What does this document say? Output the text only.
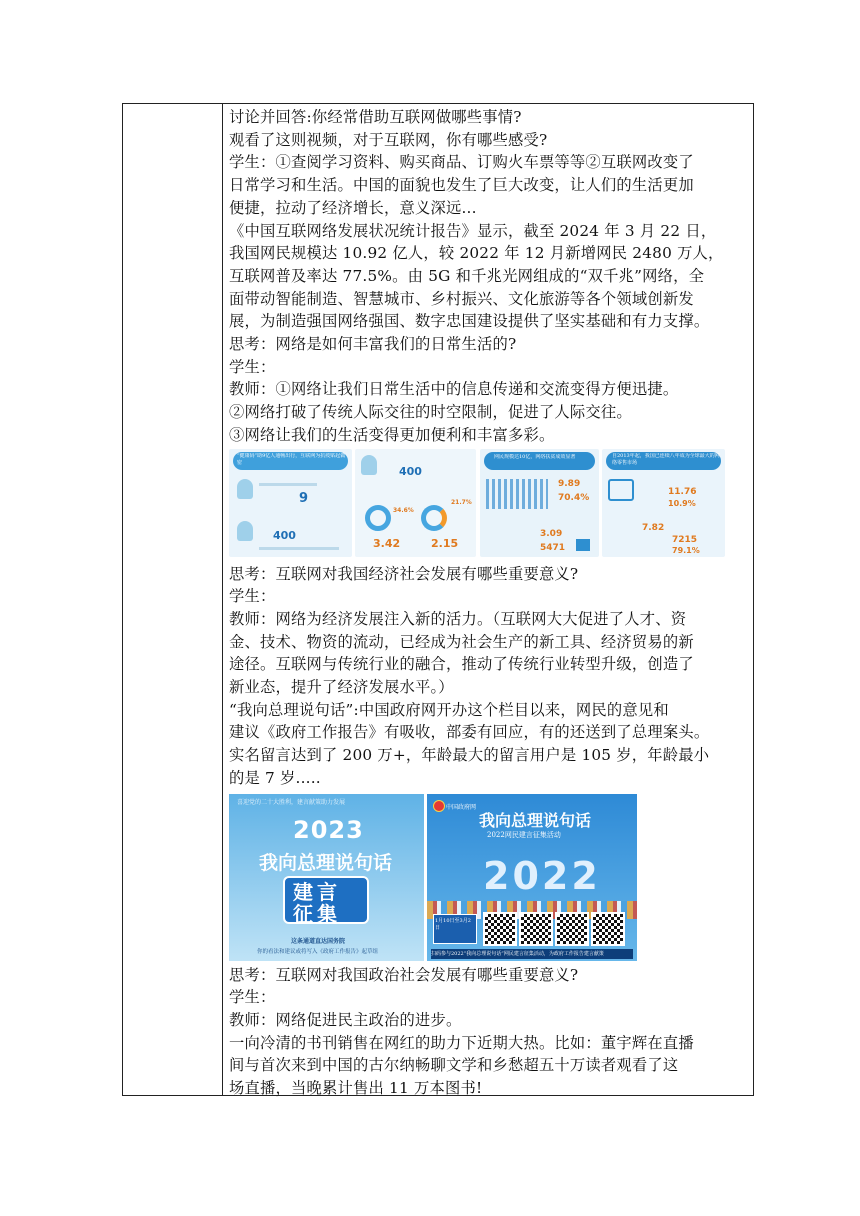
讨论并回答:你经常借助互联网做哪些事情?
观看了这则视频，对于互联网，你有哪些感受?
学生：①查阅学习资料、购买商品、订购火车票等等②互联网改变了
日常学习和生活。中国的面貌也发生了巨大改变，让人们的生活更加
便捷，拉动了经济增长，意义深远...
《中国互联网络发展状况统计报告》显示，截至 2024 年 3 月 22 日，
我国网民规模达 10.92 亿人，较 2022 年 12 月新增网民 2480 万人，
互联网普及率达 77.5%。由 5G 和千兆光网组成的“双千兆”网络，全
面带动智能制造、智慧城市、乡村振兴、文化旅游等各个领域创新发
展，为制造强国网络强国、数字忠国建设提供了坚实基础和有力支撑。
思考：网络是如何丰富我们的日常生活的?
学生：
教师：①网络让我们日常生活中的信息传递和交流变得方便迅捷。
②网络打破了传统人际交往的时空限制，促进了人际交往。
③网络让我们的生活变得更加便利和丰富多彩。
“健康码”助9亿人通畅出行，互联网为抗疫贴起做密
9
400
400
34.6%
21.7%
3.42	2.15
网民规模达10亿，网络扶贫成效显著
9.89
70.4%
3.09
5471
自2013年起，我国已连续八年成为全球最大的网络零售市场
11.76
10.9%
7.82
7215
79.1%
思考：互联网对我国经济社会发展有哪些重要意义?
学生：
教师：网络为经济发展注入新的活力。（互联网大大促进了人才、资
金、技术、物资的流动，已经成为社会生产的新工具、经济贸易的新
途径。互联网与传统行业的融合，推动了传统行业转型升级，创造了
新业态，提升了经济发展水平。）
“我向总理说句话”:中国政府网开办这个栏目以来，网民的意见和
建议《政府工作报告》有吸收，部委有回应，有的还送到了总理案头。
实名留言达到了 200 万+，年龄最大的留言用户是 105 岁，年龄最小
的是 7 岁.....
喜迎党的二十大胜利，建言献策助力发展
2023
我向总理说句话
建言
征集
这条通道直达国务院
你的看法和建议或将写入《政府工作报告》起草组
中国政府网
我向总理说句话
2022网民建言征集活动
2022
1月10日至3月2日
扫码参与2022“我向总理说句话”网民建言征集活动，为政府工作报告建言献策
思考：互联网对我国政治社会发展有哪些重要意义?
学生：
教师：网络促进民主政治的进步。
一向冷清的书刊销售在网红的助力下近期大热。比如：董宇辉在直播
间与首次来到中国的古尔纳畅聊文学和乡愁超五十万读者观看了这
场直播，当晚累计售出 11 万本图书!
